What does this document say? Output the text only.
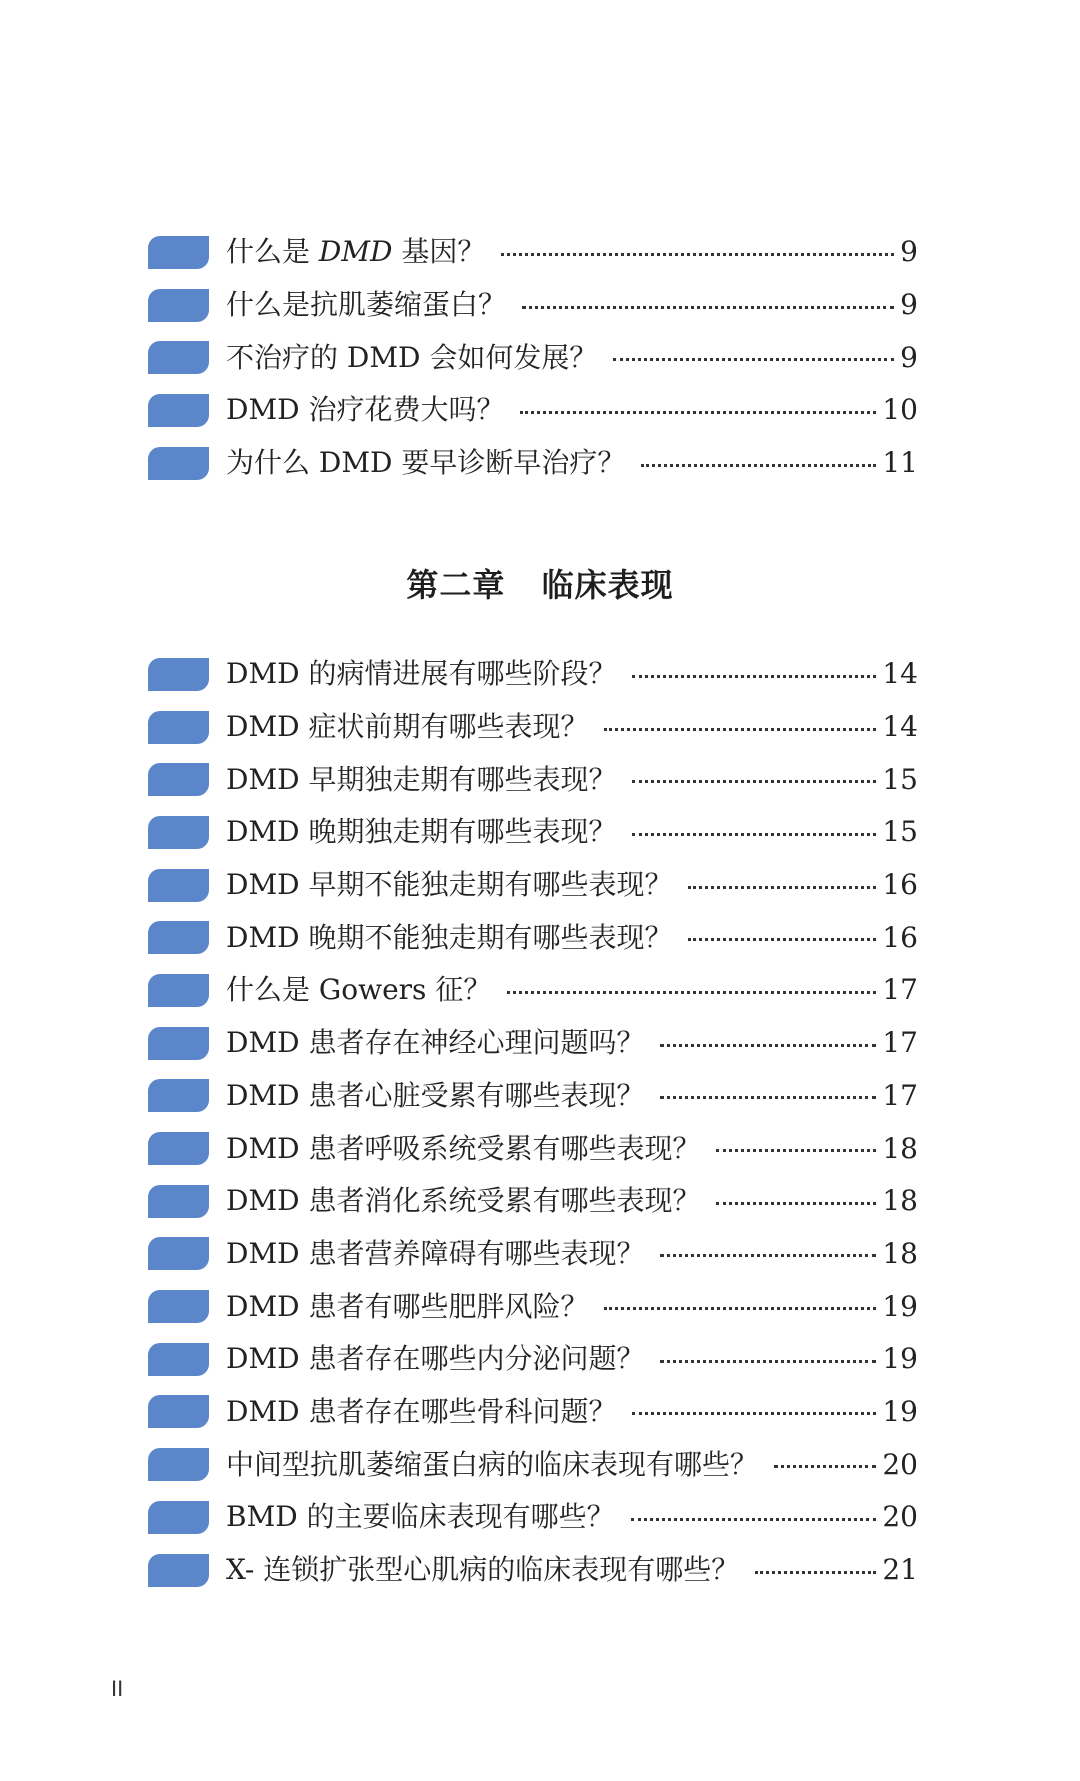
什么是 DMD 基因？	9
什么是抗肌萎缩蛋白？	9
不治疗的 DMD 会如何发展？	9
DMD 治疗花费大吗？	10
为什么 DMD 要早诊断早治疗？	11
第二章 临床表现
DMD 的病情进展有哪些阶段？	14
DMD 症状前期有哪些表现？	14
DMD 早期独走期有哪些表现？	15
DMD 晚期独走期有哪些表现？	15
DMD 早期不能独走期有哪些表现？	16
DMD 晚期不能独走期有哪些表现？	16
什么是 Gowers 征？	17
DMD 患者存在神经心理问题吗？	17
DMD 患者心脏受累有哪些表现？	17
DMD 患者呼吸系统受累有哪些表现？	18
DMD 患者消化系统受累有哪些表现？	18
DMD 患者营养障碍有哪些表现？	18
DMD 患者有哪些肥胖风险？	19
DMD 患者存在哪些内分泌问题？	19
DMD 患者存在哪些骨科问题？	19
中间型抗肌萎缩蛋白病的临床表现有哪些？	20
BMD 的主要临床表现有哪些？	20
X- 连锁扩张型心肌病的临床表现有哪些？	21
II
